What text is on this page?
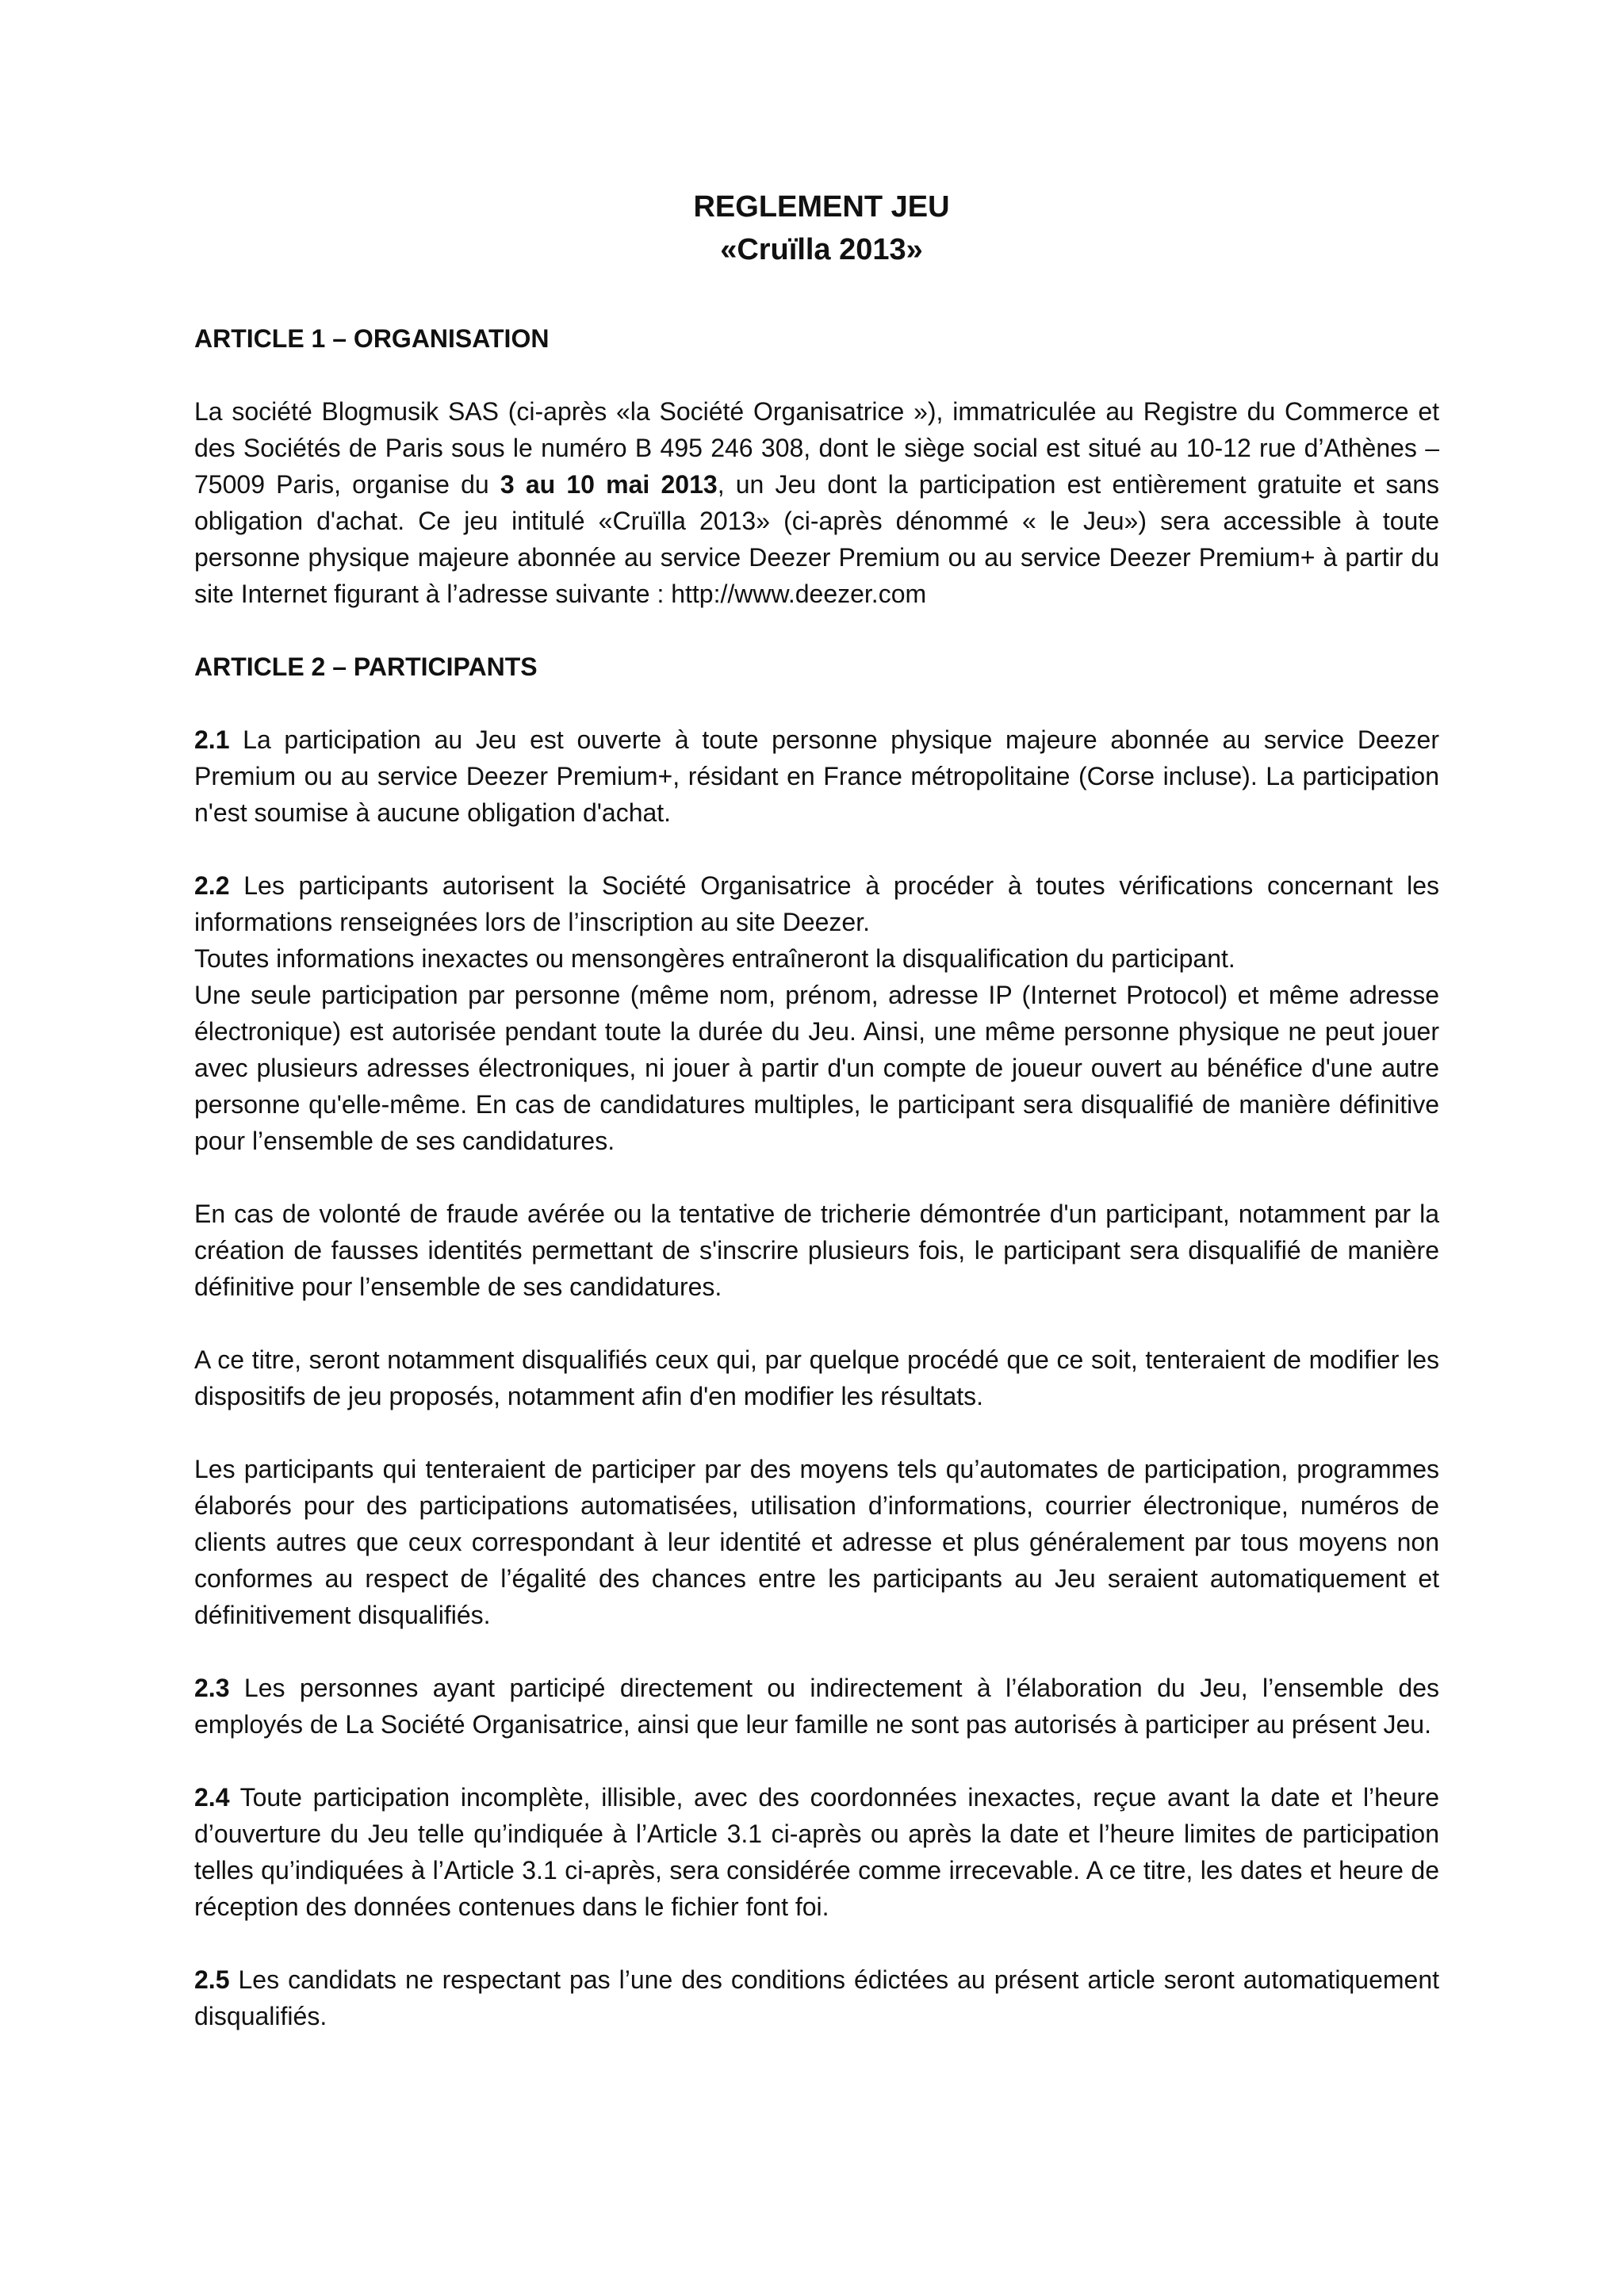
REGLEMENT JEU
«Cruïlla 2013»
ARTICLE 1 – ORGANISATION

La société Blogmusik SAS (ci-après «la Société Organisatrice »), immatriculée au Registre du Commerce et des Sociétés de Paris sous le numéro B 495 246 308, dont le siège social est situé au 10-12 rue d’Athènes – 75009 Paris, organise du 3 au 10 mai 2013, un Jeu dont la participation est entièrement gratuite et sans obligation d'achat. Ce jeu intitulé «Cruïlla 2013» (ci-après dénommé « le Jeu») sera accessible à toute personne physique majeure abonnée au service Deezer Premium ou au service Deezer Premium+ à partir du site Internet figurant à l’adresse suivante : http://www.deezer.com

ARTICLE 2 – PARTICIPANTS

2.1 La participation au Jeu est ouverte à toute personne physique majeure abonnée au service Deezer Premium ou au service Deezer Premium+, résidant en France métropolitaine (Corse incluse). La participation n'est soumise à aucune obligation d'achat.

2.2 Les participants autorisent la Société Organisatrice à procéder à toutes vérifications concernant les informations renseignées lors de l’inscription au site Deezer.

Toutes informations inexactes ou mensongères entraîneront la disqualification du participant.

Une seule participation par personne (même nom, prénom, adresse IP (Internet Protocol) et même adresse électronique) est autorisée pendant toute la durée du Jeu. Ainsi, une même personne physique ne peut jouer avec plusieurs adresses électroniques, ni jouer à partir d'un compte de joueur ouvert au bénéfice d'une autre personne qu'elle-même. En cas de candidatures multiples, le participant sera disqualifié de manière définitive pour l’ensemble de ses candidatures.

En cas de volonté de fraude avérée ou la tentative de tricherie démontrée d'un participant, notamment par la création de fausses identités permettant de s'inscrire plusieurs fois, le participant sera disqualifié de manière définitive pour l’ensemble de ses candidatures.

A ce titre, seront notamment disqualifiés ceux qui, par quelque procédé que ce soit, tenteraient de modifier les dispositifs de jeu proposés, notamment afin d'en modifier les résultats.

Les participants qui tenteraient de participer par des moyens tels qu’automates de participation, programmes élaborés pour des participations automatisées, utilisation d’informations, courrier électronique, numéros de clients autres que ceux correspondant à leur identité et adresse et plus généralement par tous moyens non conformes au respect de l’égalité des chances entre les participants au Jeu seraient automatiquement et définitivement disqualifiés.

2.3 Les personnes ayant participé directement ou indirectement à l’élaboration du Jeu, l’ensemble des employés de La Société Organisatrice, ainsi que leur famille ne sont pas autorisés à participer au présent Jeu.

2.4 Toute participation incomplète, illisible, avec des coordonnées inexactes, reçue avant la date et l’heure d’ouverture du Jeu telle qu’indiquée à l’Article 3.1 ci-après ou après la date et l’heure limites de participation telles qu’indiquées à l’Article 3.1 ci-après, sera considérée comme irrecevable. A ce titre, les dates et heure de réception des données contenues dans le fichier font foi.

2.5 Les candidats ne respectant pas l’une des conditions édictées au présent article seront automatiquement disqualifiés.
